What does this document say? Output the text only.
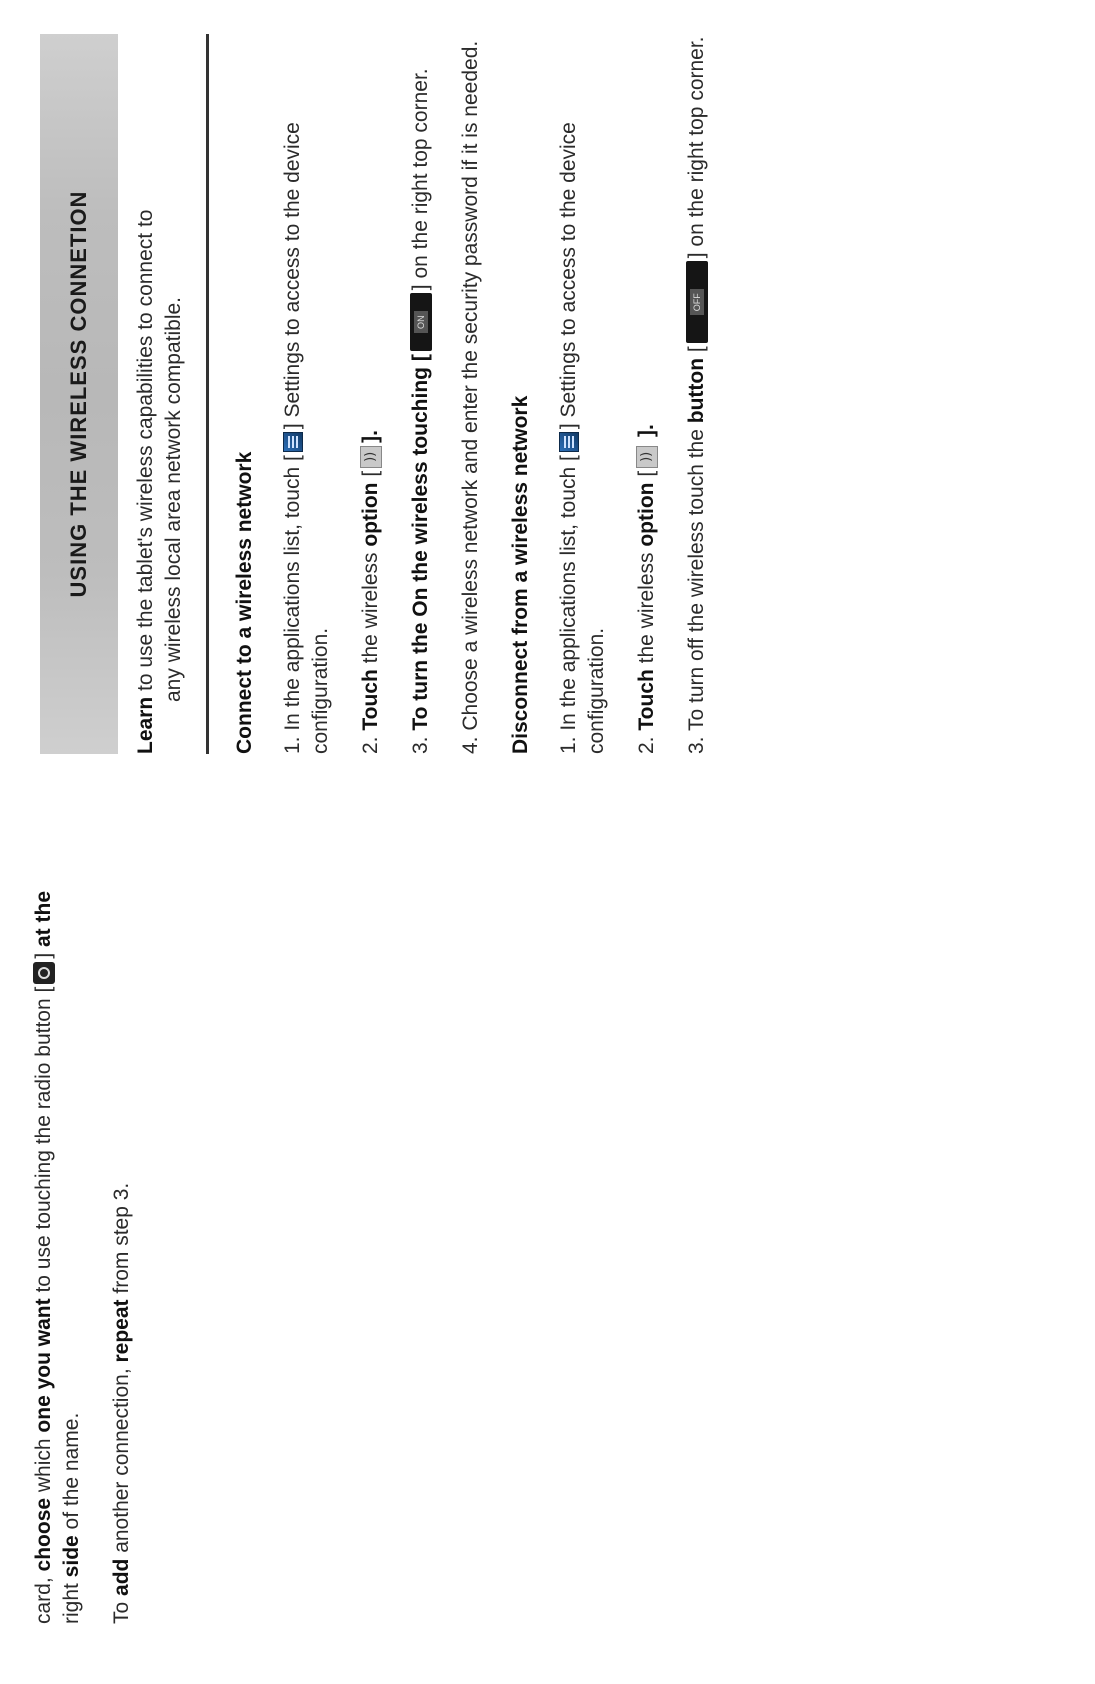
card, choose which one you want to use touching the radio button [] at the right side of the name.

To add another connection, repeat from step 3.

USING THE WIRELESS CONNETION

Learn to use the tablet's wireless capabilities to connect to any wireless local area network compatible. Connect to a wireless network 1. In the applications list, touch [] Settings to access to the device configuration. 2. Touch the wireless option [))].

3. To turn the On the wireless touching [ON] on the right top corner.

4. Choose a wireless network and enter the security password if it is needed. Disconnect from a wireless network 1. In the applications list, touch [] Settings to access to the device configuration. 2. Touch the wireless option [)) ]. 3. To turn off the wireless touch the button [OFF] on the right top corner.
